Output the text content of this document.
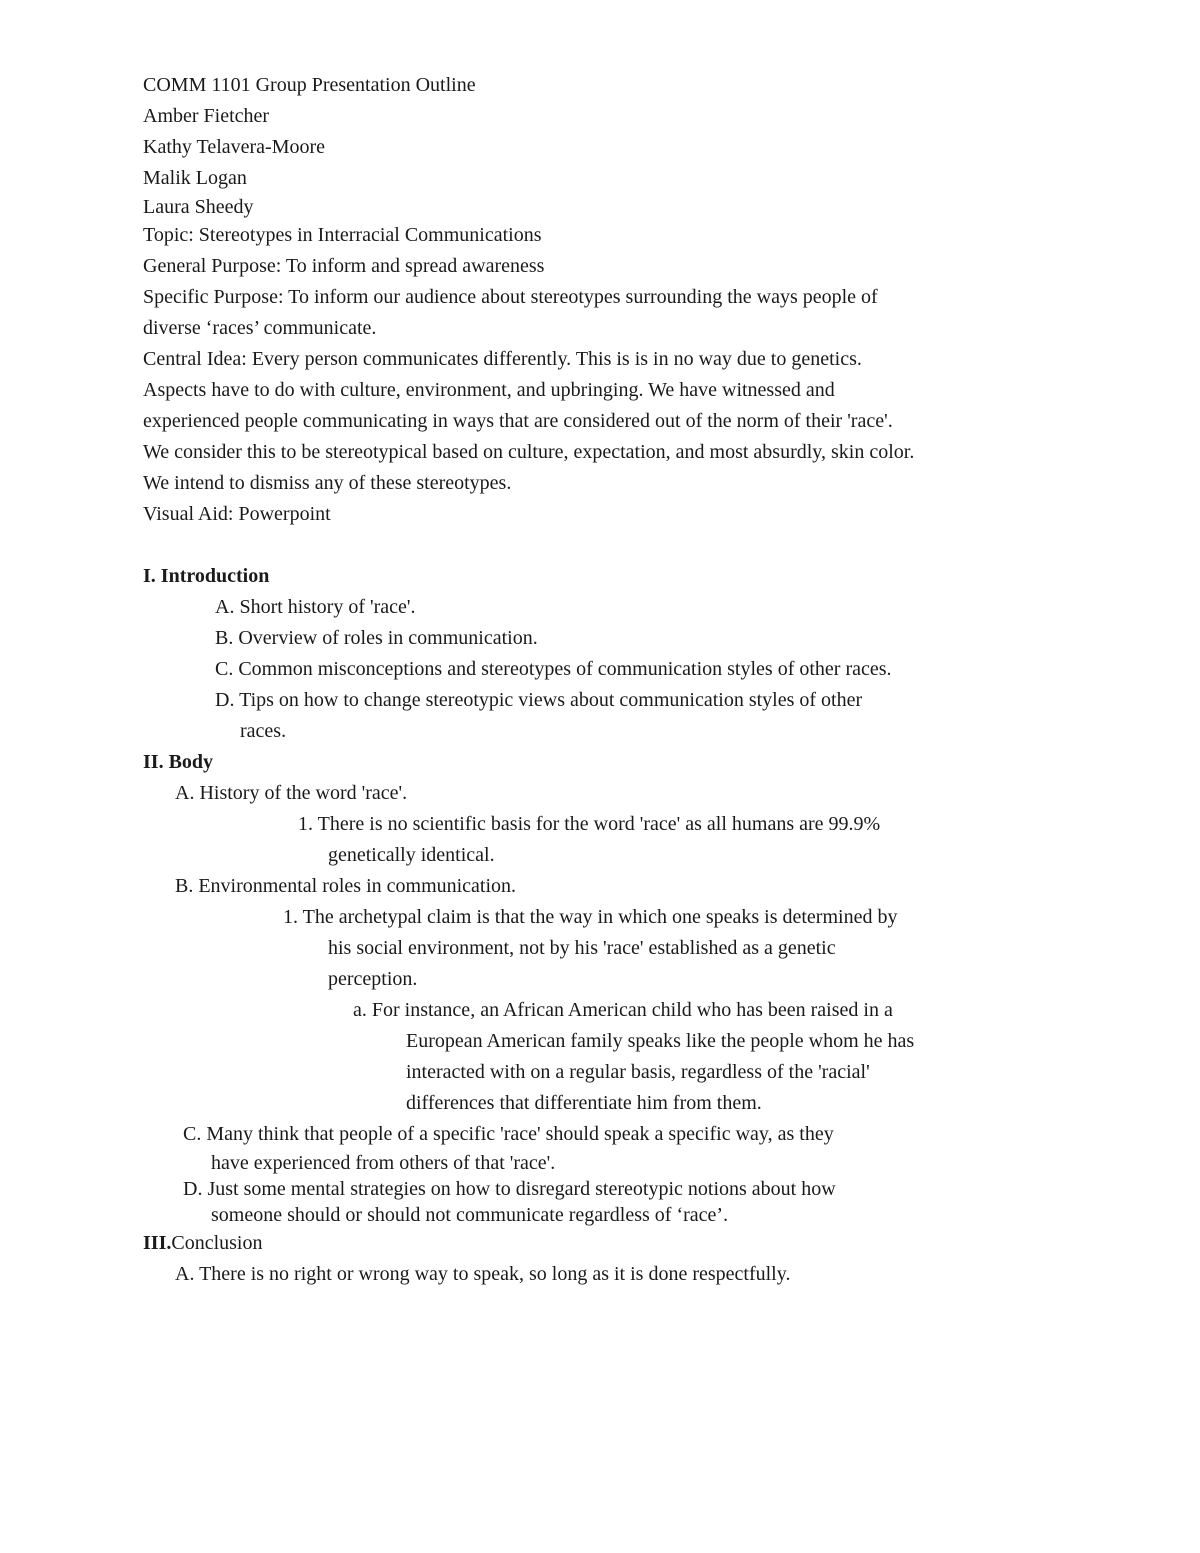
COMM 1101 Group Presentation Outline
Amber Fietcher
Kathy Telavera-Moore
Malik Logan
Laura Sheedy
Topic: Stereotypes in Interracial Communications
General Purpose: To inform and spread awareness
Specific Purpose: To inform our audience about stereotypes surrounding the ways people of
diverse ‘races’ communicate.
Central Idea: Every person communicates differently. This is is in no way due to genetics.
Aspects have to do with culture, environment, and upbringing. We have witnessed and
experienced people communicating in ways that are considered out of the norm of their 'race'.
We consider this to be stereotypical based on culture, expectation, and most absurdly, skin color.
We intend to dismiss any of these stereotypes.
Visual Aid: Powerpoint
I. Introduction
A. Short history of 'race'.
B. Overview of roles in communication.
C. Common misconceptions and stereotypes of communication styles of other races.
D. Tips on how to change stereotypic views about communication styles of other
races.
II. Body
A. History of the word 'race'.
1. There is no scientific basis for the word 'race' as all humans are 99.9%
genetically identical.
B. Environmental roles in communication.
1. The archetypal claim is that the way in which one speaks is determined by
his social environment, not by his 'race' established as a genetic
perception.
a. For instance, an African American child who has been raised in a
European American family speaks like the people whom he has
interacted with on a regular basis, regardless of the 'racial'
differences that differentiate him from them.
C. Many think that people of a specific 'race' should speak a specific way, as they
have experienced from others of that 'race'.
D. Just some mental strategies on how to disregard stereotypic notions about how
someone should or should not communicate regardless of ‘race’.
III.Conclusion
A. There is no right or wrong way to speak, so long as it is done respectfully.
